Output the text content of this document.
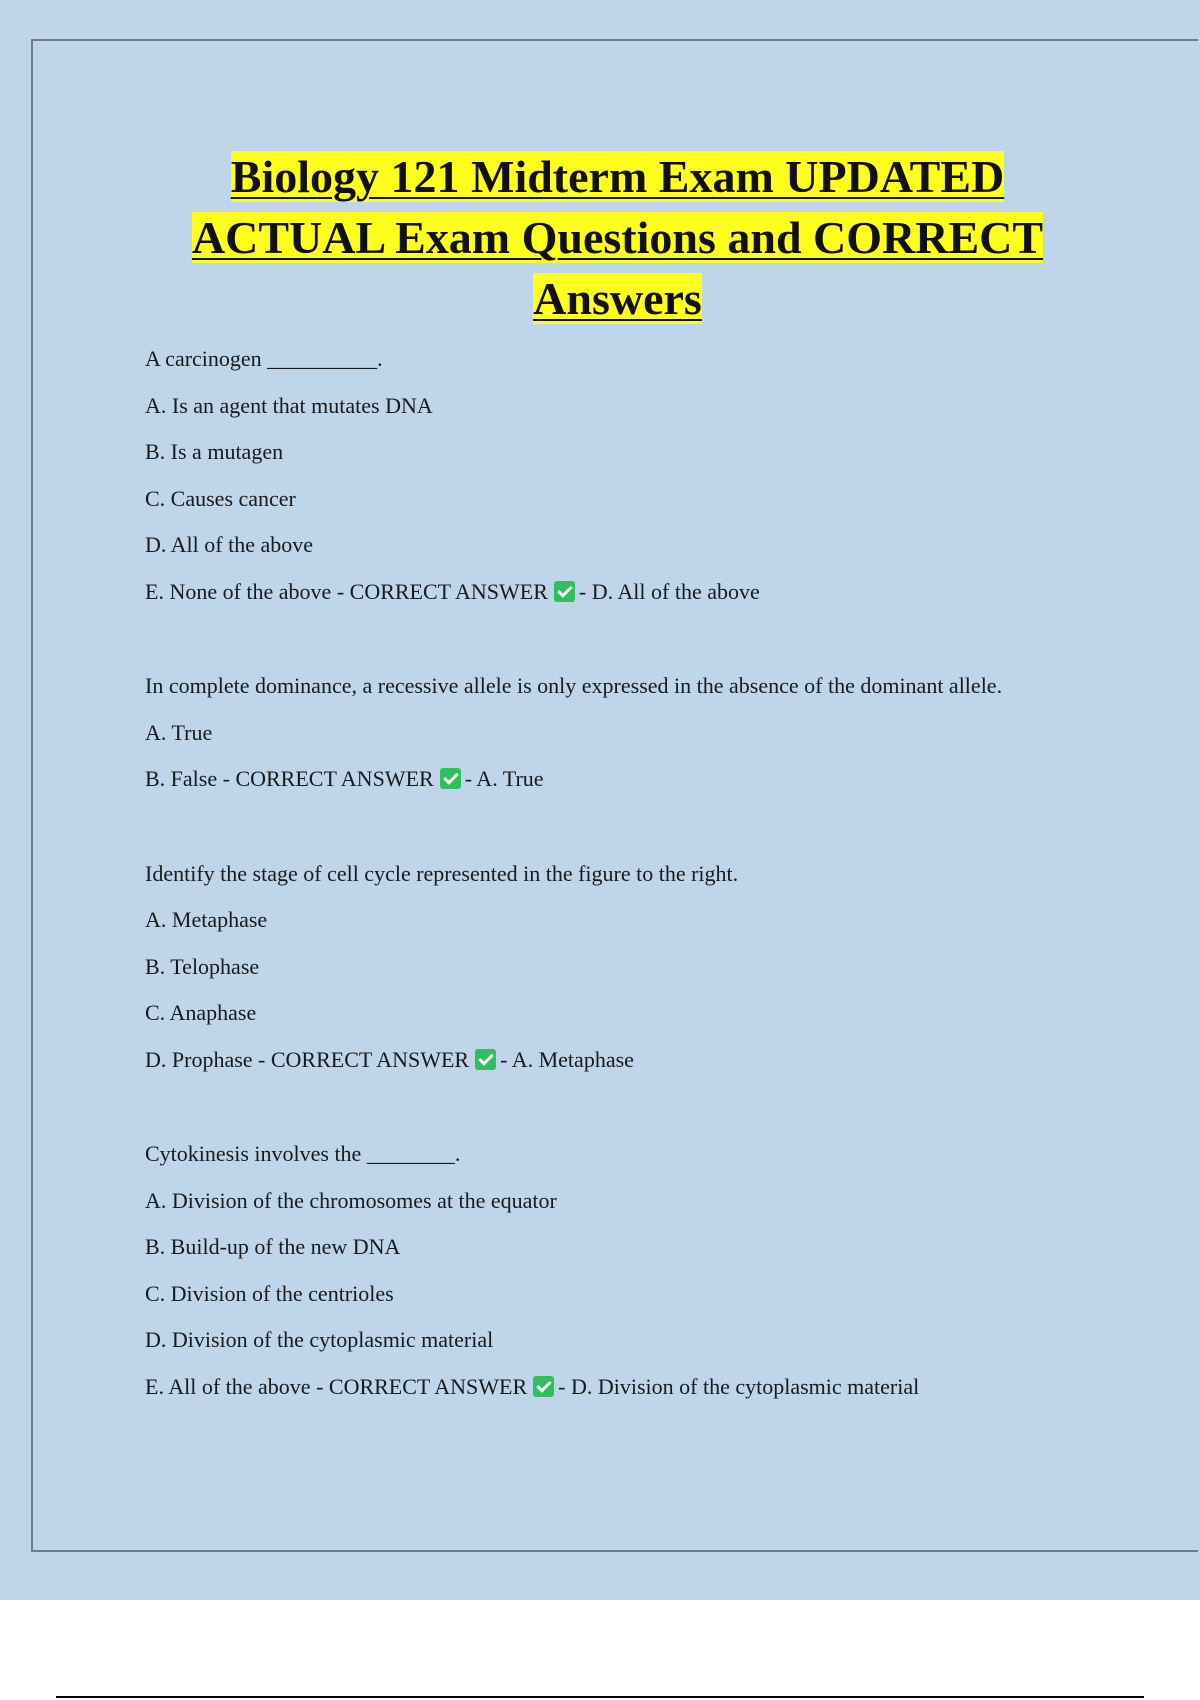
Biology 121 Midterm Exam UPDATED
ACTUAL Exam Questions and CORRECT
Answers
A carcinogen __________.
A. Is an agent that mutates DNA
B. Is a mutagen
C. Causes cancer
D. All of the above
E. None of the above - CORRECT ANSWER - D. All of the above
In complete dominance, a recessive allele is only expressed in the absence of the dominant allele.
A. True
B. False - CORRECT ANSWER - A. True
Identify the stage of cell cycle represented in the figure to the right.
A. Metaphase
B. Telophase
C. Anaphase
D. Prophase - CORRECT ANSWER - A. Metaphase
Cytokinesis involves the ________.
A. Division of the chromosomes at the equator
B. Build-up of the new DNA
C. Division of the centrioles
D. Division of the cytoplasmic material
E. All of the above - CORRECT ANSWER - D. Division of the cytoplasmic material
